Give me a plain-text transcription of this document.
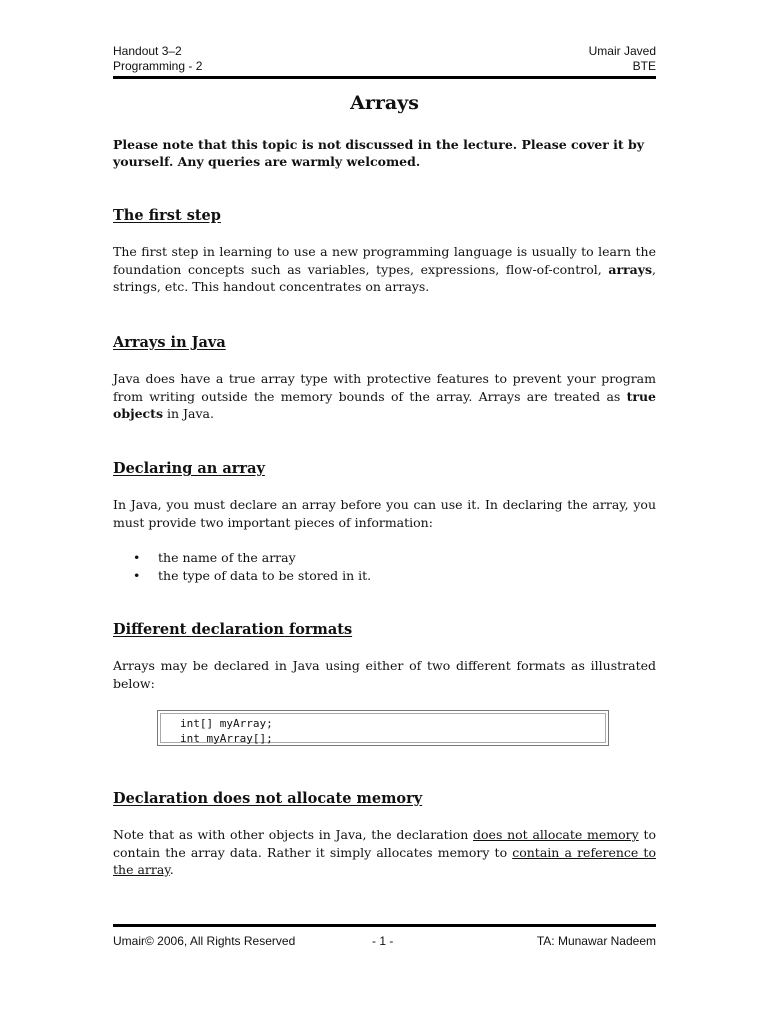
Handout 3–2
Programming - 2
Umair Javed
BTE
Arrays
Please note that this topic is not discussed in the lecture. Please cover it by yourself. Any queries are warmly welcomed.
The first step
The first step in learning to use a new programming language is usually to learn the foundation concepts such as variables, types, expressions, flow-of-control, arrays, strings, etc. This handout concentrates on arrays.
Arrays in Java
Java does have a true array type with protective features to prevent your program from writing outside the memory bounds of the array. Arrays are treated as true objects in Java.
Declaring an array
In Java, you must declare an array before you can use it. In declaring the array, you must provide two important pieces of information:
• the name of the array
• the type of data to be stored in it.
Different declaration formats
Arrays may be declared in Java using either of two different formats as illustrated below:
int[] myArray;
int myArray[];
Declaration does not allocate memory
Note that as with other objects in Java, the declaration does not allocate memory to contain the array data. Rather it simply allocates memory to contain a reference to the array.
Umair© 2006, All Rights Reserved	- 1 -	TA: Munawar Nadeem
